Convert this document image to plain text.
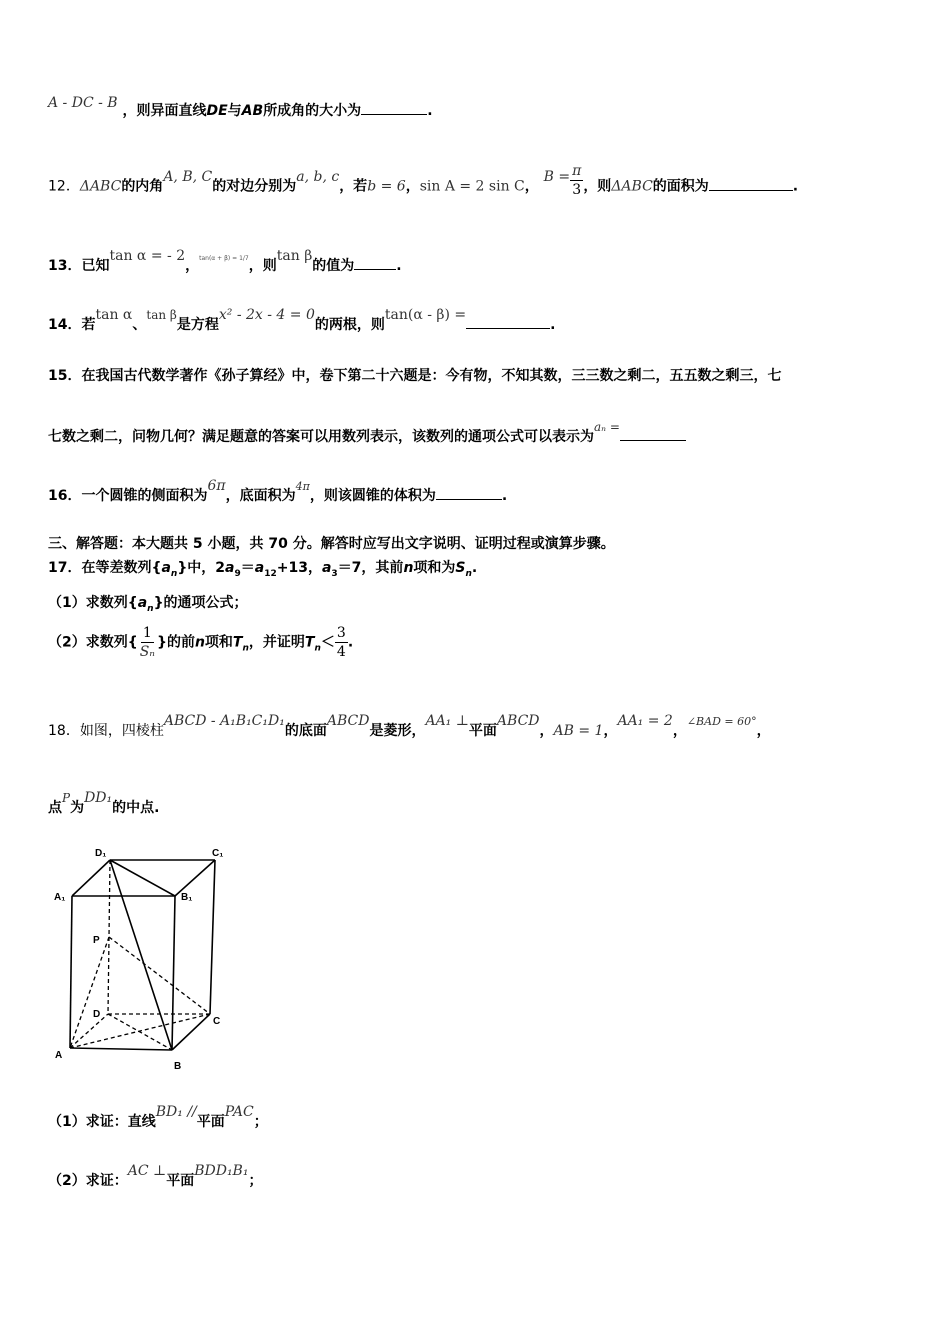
A - DC - B ，则异面直线DE与AB所成角的大小为	.
12．ΔABC的内角A, B, C的对边分别为a, b, c，若b = 6，sin A = 2 sin C， $B = \frac{\pi}{3}$ ，则ΔABC的面积为	.
13．已知tan α = - 2，$^{tan(\alpha + \beta) = 1/7}$，则tan β的值为	.
14．若tan α、tan β是方程x² - 2x - 4 = 0的两根，则tan(α - β) =.
15．在我国古代数学著作《孙子算经》中，卷下第二十六题是：今有物，不知其数，三三数之剩二，五五数之剩三，七
七数之剩二，问物几何？满足题意的答案可以用数列表示，该数列的通项公式可以表示为aₙ =
16．一个圆锥的侧面积为6π，底面积为$^{4\pi}$，则该圆锥的体积为	.
三、解答题：本大题共 5 小题，共 70 分。解答时应写出文字说明、证明过程或演算步骤。
17．在等差数列$\{a_n\}$中，$2a_9=a_{12}+13$，$a_3=7$，其前n项和为$S_n$.
（1）求数列$\{a_n\}$的通项公式；
（2）求数列{ $\frac{1}{\text{Sₙ}}$ }的前n项和$T_n$，并证明$T_n< \frac{3}{4}$ .
18．如图，四棱柱ABCD - A₁B₁C₁D₁的底面ABCD是菱形，AA₁ ⊥平面ABCD，AB = 1，AA₁ = 2，$^{\angle BAD = 60^\circ}$，
点P为DD₁的中点.
D₁	C₁
A₁	B₁
P
D
C
A
B
（1）求证：直线BD₁ //平面PAC；
（2）求证：AC ⊥平面BDD₁B₁；
